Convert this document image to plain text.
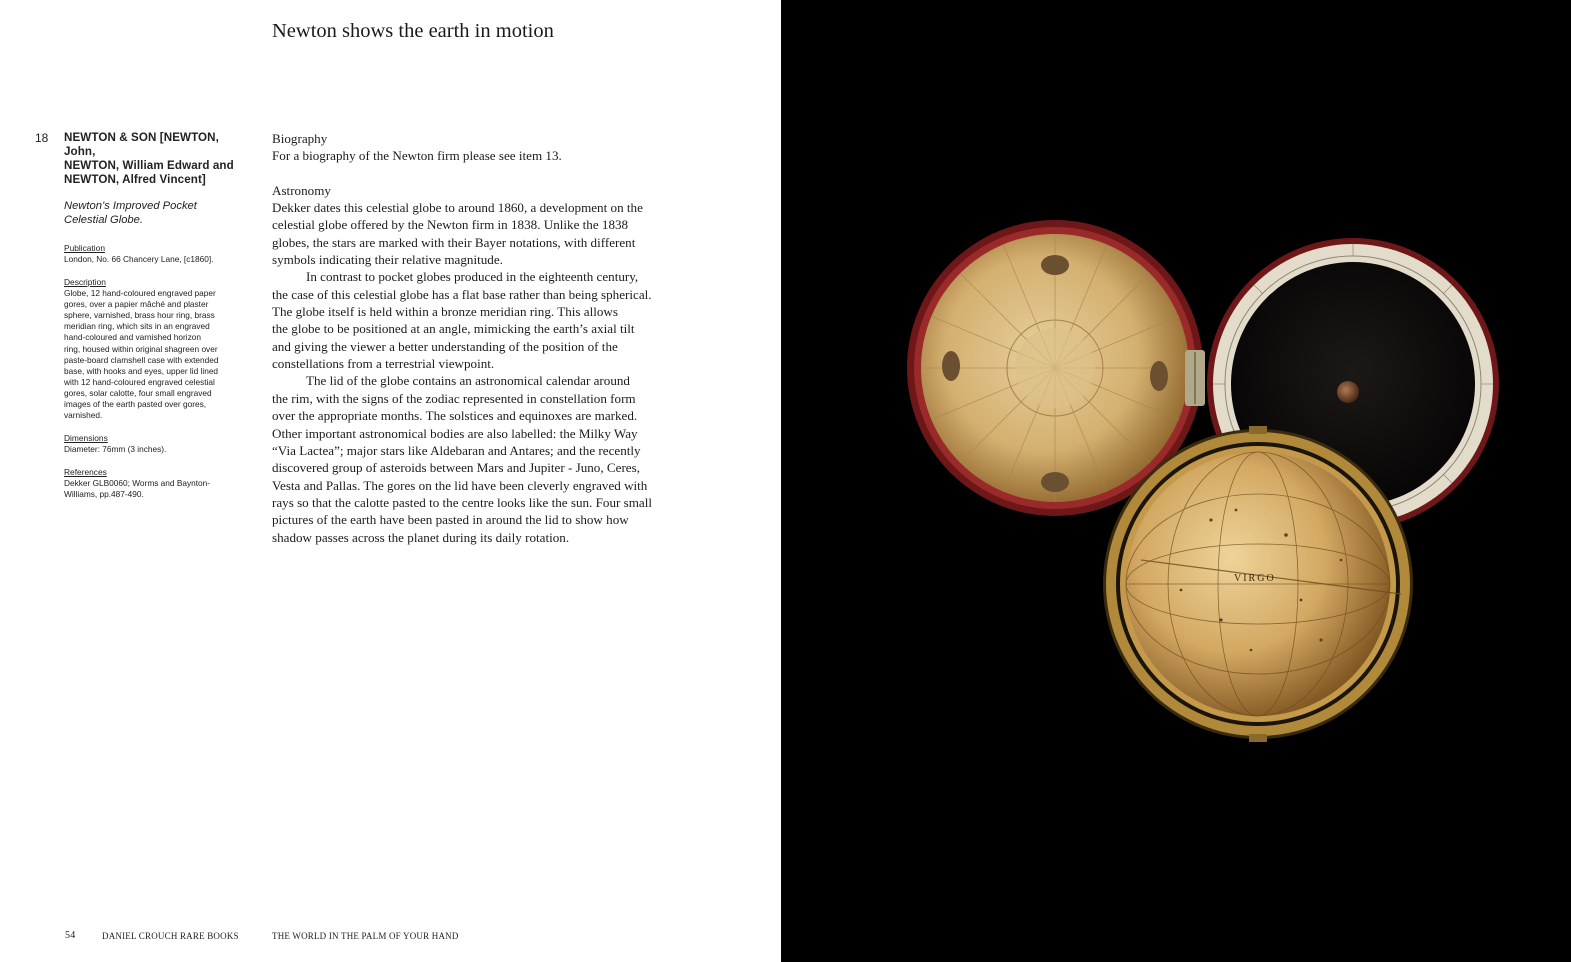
Newton shows the earth in motion
18 NEWTON & SON [NEWTON, John,
NEWTON, William Edward and
NEWTON, Alfred Vincent]
Newton’s Improved Pocket
Celestial Globe.
Publication
London, No. 66 Chancery Lane, [c1860].
Description
Globe, 12 hand-coloured engraved paper
gores, over a papier mâché and plaster
sphere, varnished, brass hour ring, brass
meridian ring, which sits in an engraved
hand-coloured and varnished horizon
ring, housed within original shagreen over
paste-board clamshell case with extended
base, with hooks and eyes, upper lid lined
with 12 hand-coloured engraved celestial
gores, solar calotte, four small engraved
images of the earth pasted over gores,
varnished.
Dimensions
Diameter: 76mm (3 inches).
References
Dekker GLB0060; Worms and Baynton-
Williams, pp.487-490.
Biography
For a biography of the Newton firm please see item 13.
Astronomy
Dekker dates this celestial globe to around 1860, a development on the
celestial globe offered by the Newton firm in 1838. Unlike the 1838
globes, the stars are marked with their Bayer notations, with different
symbols indicating their relative magnitude.
In contrast to pocket globes produced in the eighteenth century,
the case of this celestial globe has a flat base rather than being spherical.
The globe itself is held within a bronze meridian ring. This allows
the globe to be positioned at an angle, mimicking the earth’s axial tilt
and giving the viewer a better understanding of the position of the
constellations from a terrestrial viewpoint.
The lid of the globe contains an astronomical calendar around
the rim, with the signs of the zodiac represented in constellation form
over the appropriate months. The solstices and equinoxes are marked.
Other important astronomical bodies are also labelled: the Milky Way
“Via Lactea”; major stars like Aldebaran and Antares; and the recently
discovered group of asteroids between Mars and Jupiter - Juno, Ceres,
Vesta and Pallas. The gores on the lid have been cleverly engraved with
rays so that the calotte pasted to the centre looks like the sun. Four small
pictures of the earth have been pasted in around the lid to show how
shadow passes across the planet during its daily rotation.
54	DANIEL CROUCH RARE BOOKS	THE WORLD IN THE PALM OF YOUR HAND
VIRGO
